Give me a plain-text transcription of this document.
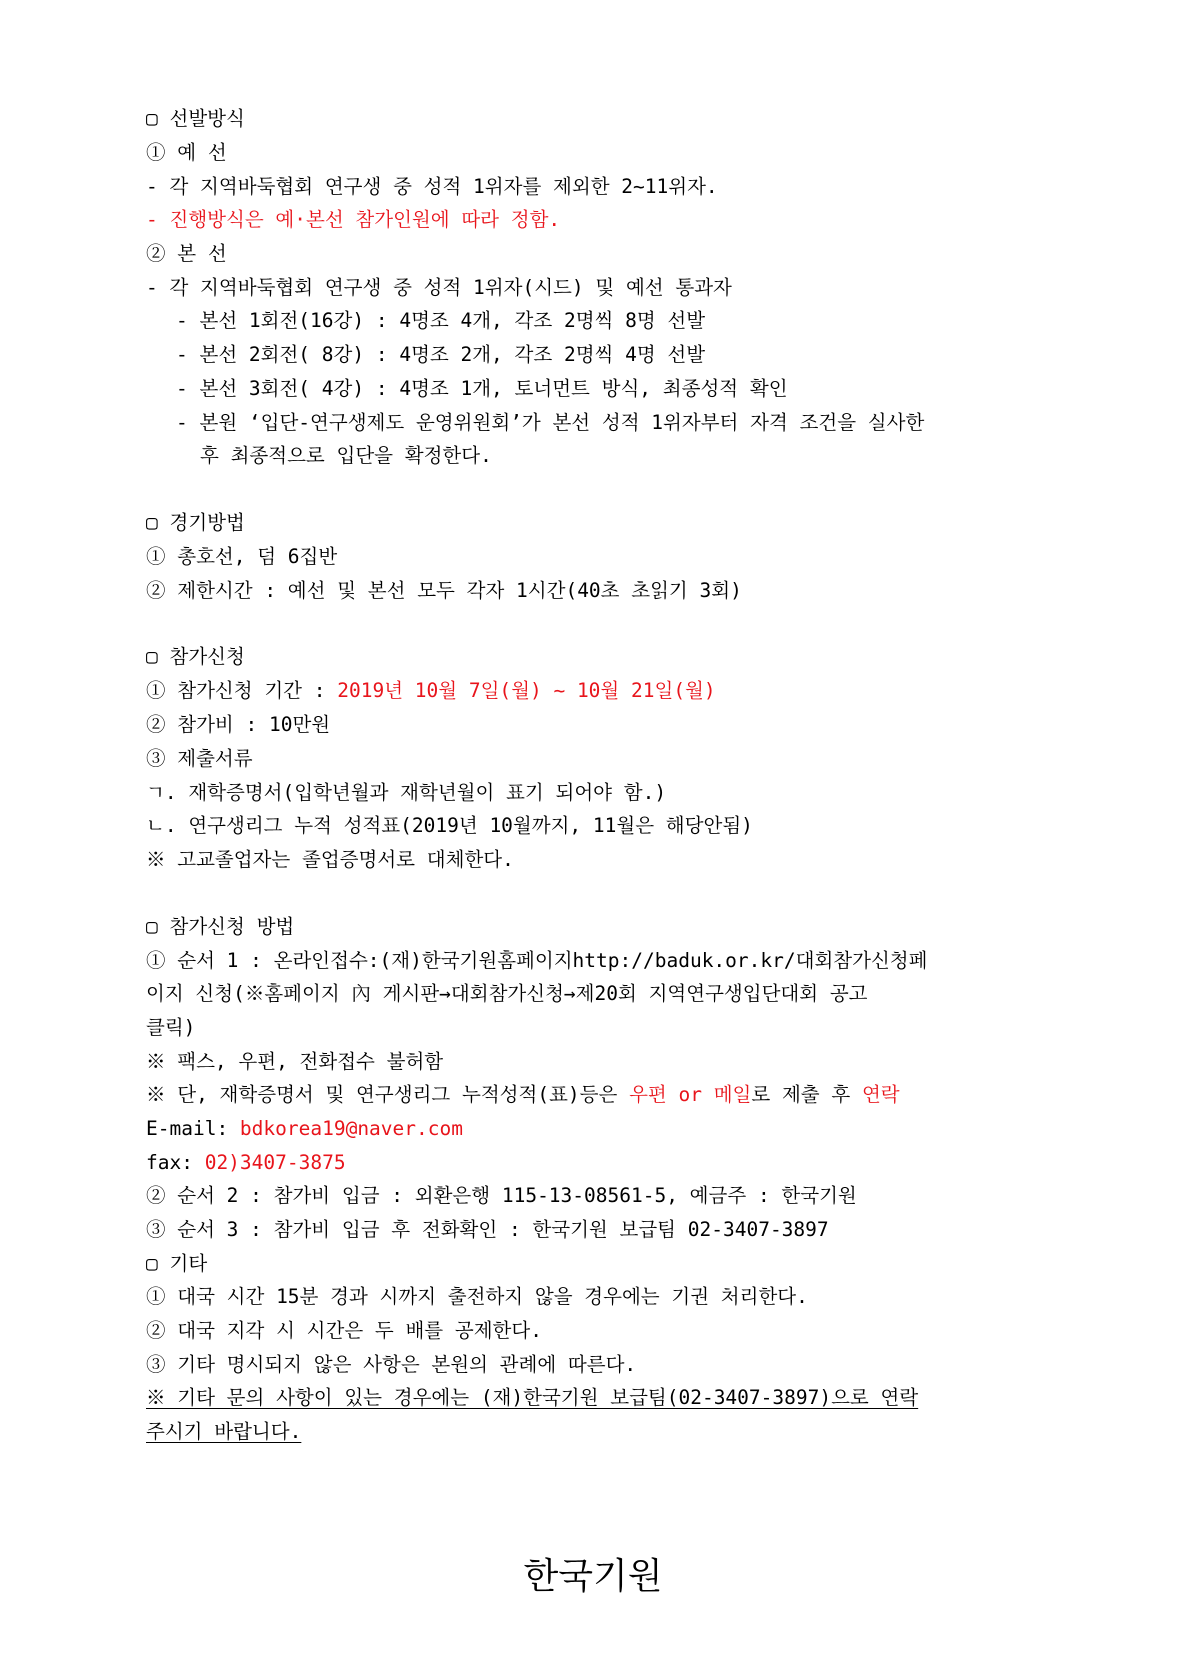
▢ 선발방식
① 예 선
- 각 지역바둑협회 연구생 중 성적 1위자를 제외한 2~11위자.
- 진행방식은 예·본선 참가인원에 따라 정함.
② 본 선
- 각 지역바둑협회 연구생 중 성적 1위자(시드) 및 예선 통과자
- 본선 1회전(16강) : 4명조 4개, 각조 2명씩 8명 선발
- 본선 2회전( 8강) : 4명조 2개, 각조 2명씩 4명 선발
- 본선 3회전( 4강) : 4명조 1개, 토너먼트 방식, 최종성적 확인
- 본원 ‘입단-연구생제도 운영위원회’가 본선 성적 1위자부터 자격 조건을 실사한
후 최종적으로 입단을 확정한다.
▢ 경기방법
① 총호선, 덤 6집반
② 제한시간 : 예선 및 본선 모두 각자 1시간(40초 초읽기 3회)
▢ 참가신청
① 참가신청 기간 : 2019년 10월 7일(월) ~ 10월 21일(월)
② 참가비 : 10만원
③ 제출서류
ㄱ. 재학증명서(입학년월과 재학년월이 표기 되어야 함.)
ㄴ. 연구생리그 누적 성적표(2019년 10월까지, 11월은 해당안됨)
※ 고교졸업자는 졸업증명서로 대체한다.
▢ 참가신청 방법
① 순서 1 : 온라인접수:(재)한국기원홈페이지http://baduk.or.kr/대회참가신청페
이지 신청(※홈페이지 內 게시판→대회참가신청→제20회 지역연구생입단대회 공고
클릭)
※ 팩스, 우편, 전화접수 불허함
※ 단, 재학증명서 및 연구생리그 누적성적(표)등은 우편 or 메일로 제출 후 연락
E-mail: bdkorea19@naver.com
fax: 02)3407-3875
② 순서 2 : 참가비 입금 : 외환은행 115-13-08561-5, 예금주 : 한국기원
③ 순서 3 : 참가비 입금 후 전화확인 : 한국기원 보급팀 02-3407-3897
▢ 기타
① 대국 시간 15분 경과 시까지 출전하지 않을 경우에는 기권 처리한다.
② 대국 지각 시 시간은 두 배를 공제한다.
③ 기타 명시되지 않은 사항은 본원의 관례에 따른다.
※ 기타 문의 사항이 있는 경우에는 (재)한국기원 보급팀(02-3407-3897)으로 연락
주시기 바랍니다.
한국기원
